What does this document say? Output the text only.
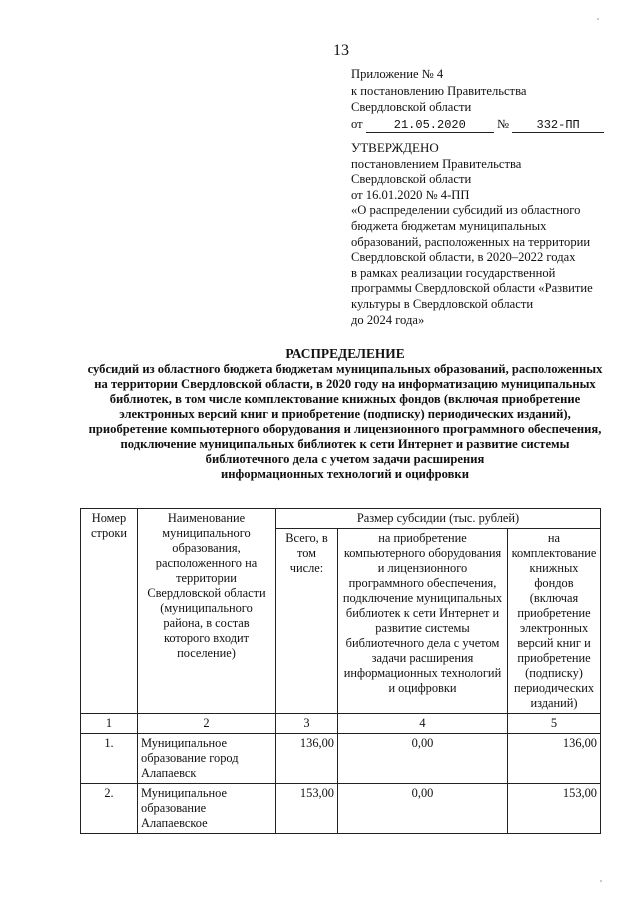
13
Приложение № 4
к постановлению Правительства
Свердловской области
от	21.05.2020 № 332-ПП
УТВЕРЖДЕНО
постановлением Правительства
Свердловской области
от 16.01.2020 № 4-ПП
«О распределении субсидий из областного
бюджета бюджетам муниципальных
образований, расположенных на территории
Свердловской области, в 2020–2022 годах
в рамках реализации государственной
программы Свердловской области «Развитие
культуры в Свердловской области
до 2024 года»
РАСПРЕДЕЛЕНИЕ
субсидий из областного бюджета бюджетам муниципальных образований, расположенных
на территории Свердловской области, в 2020 году на информатизацию муниципальных
библиотек, в том числе комплектование книжных фондов (включая приобретение
электронных версий книг и приобретение (подписку) периодических изданий),
приобретение компьютерного оборудования и лицензионного программного обеспечения,
подключение муниципальных библиотек к сети Интернет и развитие системы
библиотечного дела с учетом задачи расширения
информационных технологий и оцифровки
Номер строки	Наименование муниципального образования, расположенного на территории Свердловской области (муниципального района, в состав которого входит поселение)	Размер субсидии (тыс. рублей)		
		Всего, в том числе:	на приобретение компьютерного оборудования и лицензионного программного обеспечения, подключение муниципальных библиотек к сети Интернет и развитие системы библиотечного дела с учетом задачи расширения информационных технологий и оцифровки	на комплектование книжных фондов (включая приобретение электронных версий книг и приобретение (подписку) периодических изданий)
1	2	3	4	5
1.	Муниципальное образование город Алапаевск	136,00	0,00	136,00
2.	Муниципальное образование Алапаевское	153,00	0,00	153,00
